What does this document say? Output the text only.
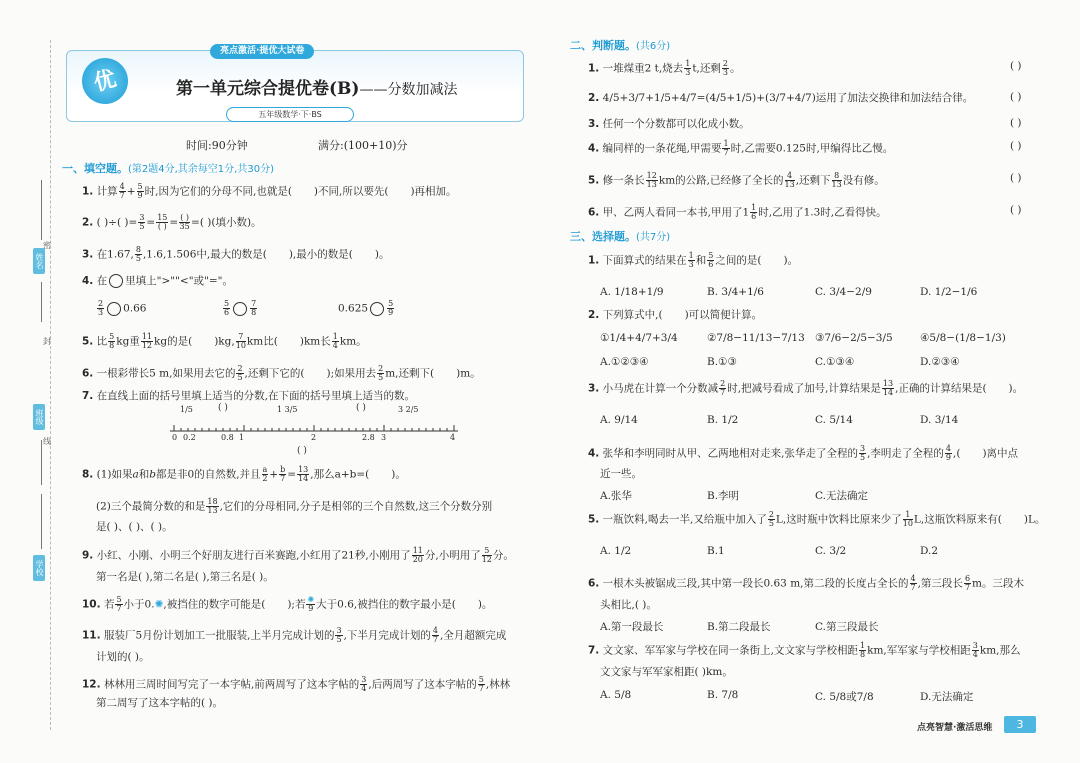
姓名
班级
学校
密
封
线
亮点激活·提优大试卷
优	第一单元综合提优卷(B)——分数加减法
五年级数学·下·BS
时间:90分钟	满分:(100+10)分
一、填空题。(第2题4分,其余每空1分,共30分)
1. 计算 $\frac{4}{7} + \frac{5}{9}$ 时,因为它们的分母不同,也就是( )不同,所以要先( )再相加。
2. ( )÷( )= $\frac{3}{5} = \frac{15}{( )} = \frac{( )}{35}$ =( )(填小数)。
3. 在1.67, $\frac{8}{5} ,1.6,1.506$中,最大的数是( ),最小的数是( )。
4. 在 里填上">""<"或"="。
$\frac{2}{3} 0.66$	$\frac{5}{6}$	$\frac{7}{8}$	$0.625 \frac{5}{9}$
5. 比 $\frac{5}{8}$ kg重 $\frac{11}{12}$ kg的是( )kg, $\frac{7}{10}$ km比( )km长 $\frac{1}{4}$ km。
6. 一根彩带长5 m,如果用去它的 $\frac{2}{5}$ ,还剩下它的( );如果用去 $\frac{2}{5} m$,还剩下( )m。
7. 在直线上面的括号里填上适当的分数,在下面的括号里填上适当的数。
1/5	( )	1 3/5	( )	3 2/5
0 0.2	0.8 1	2	2.8 3	4
( )
8. (1)如果a和b都是非0的自然数,并且 $\frac{a}{2} + \frac{b}{7} = \frac{13}{14}$ ,那么a+b=( )。
(2)三个最简分数的和是 $\frac{18}{13}$ ,它们的分母相同,分子是相邻的三个自然数,这三个分数分别
是( )、( )、( )。
9. 小红、小刚、小明三个好朋友进行百米赛跑,小红用了21秒,小刚用了 $\frac{11}{20}$ 分,小明用了 $\frac{5}{12}$ 分。
第一名是( ),第二名是( ),第三名是( )。
10. 若 $\frac{5}{7}$ 小于0.✺,被挡住的数字可能是( );若 $\frac{✺}{9}$ 大于0.6,被挡住的数字最小是( )。
11. 服装厂5月份计划加工一批服装,上半月完成计划的 $\frac{3}{5}$ ,下半月完成计划的 $\frac{4}{7}$ ,全月超额完成
计划的( )。
12. 林林用三周时间写完了一本字帖,前两周写了这本字帖的 $\frac{3}{4}$ ,后两周写了这本字帖的 $\frac{5}{7}$ ,林林
第二周写了这本字帖的( )。
二、判断题。(共6分)
1. 一堆煤重2 t,烧去 $\frac{1}{3} t$,还剩 $\frac{2}{3}$ 。	( )
2. 4/5+3/7+1/5+4/7=(4/5+1/5)+(3/7+4/7)运用了加法交换律和加法结合律。	( )
3. 任何一个分数都可以化成小数。	( )
4. 编同样的一条花绳,甲需要 $\frac{1}{7}$ 时,乙需要0.125时,甲编得比乙慢。	( )
5. 修一条长 $\frac{12}{13}$ km的公路,已经修了全长的 $\frac{4}{13}$ ,还剩下 $\frac{8}{13}$ 没有修。	( )
6. 甲、乙两人看同一本书,甲用了$1 \frac{1}{6}$ 时,乙用了1.3时,乙看得快。	( )
三、选择题。(共7分)
1. 下面算式的结果在 $\frac{1}{3}$ 和 $\frac{5}{6}$ 之间的是( )。
A. 1/18+1/9	B. 3/4+1/6	C. 3/4−2/9	D. 1/2−1/6
2. 下列算式中,( )可以简便计算。
①1/4+4/7+3/4	②7/8−11/13−7/13 ③7/6−2/5−3/5	④5/8−(1/8−1/3)
A.①②③④	B.①③	C.①③④	D.②③④
3. 小马虎在计算一个分数减 $\frac{2}{7}$ 时,把减号看成了加号,计算结果是 $\frac{13}{14}$ ,正确的计算结果是( )。
A. 9/14	B. 1/2	C. 5/14	D. 3/14
4. 张华和李明同时从甲、乙两地相对走来,张华走了全程的 $\frac{3}{5}$ ,李明走了全程的 $\frac{4}{9}$ ,( )离中点
近一些。
A.张华	B.李明	C.无法确定
5. 一瓶饮料,喝去一半,又给瓶中加入了 $\frac{2}{5} L$,这时瓶中饮料比原来少了 $\frac{1}{10} L$,这瓶饮料原来有( )L。
A. 1/2	B.1	C. 3/2	D.2
6. 一根木头被锯成三段,其中第一段长0.63 m,第二段的长度占全长的 $\frac{4}{7}$ ,第三段长 $\frac{6}{7}$ m。三段木
头相比,( )。
A.第一段最长	B.第二段最长	C.第三段最长
7. 文文家、军军家与学校在同一条街上,文文家与学校相距 $\frac{1}{8}$ km,军军家与学校相距 $\frac{3}{4}$ km,那么
文文家与军军家相距( )km。
A. 5/8	B. 7/8	C. 5/8或7/8	D.无法确定
点亮智慧·激活思维	3
